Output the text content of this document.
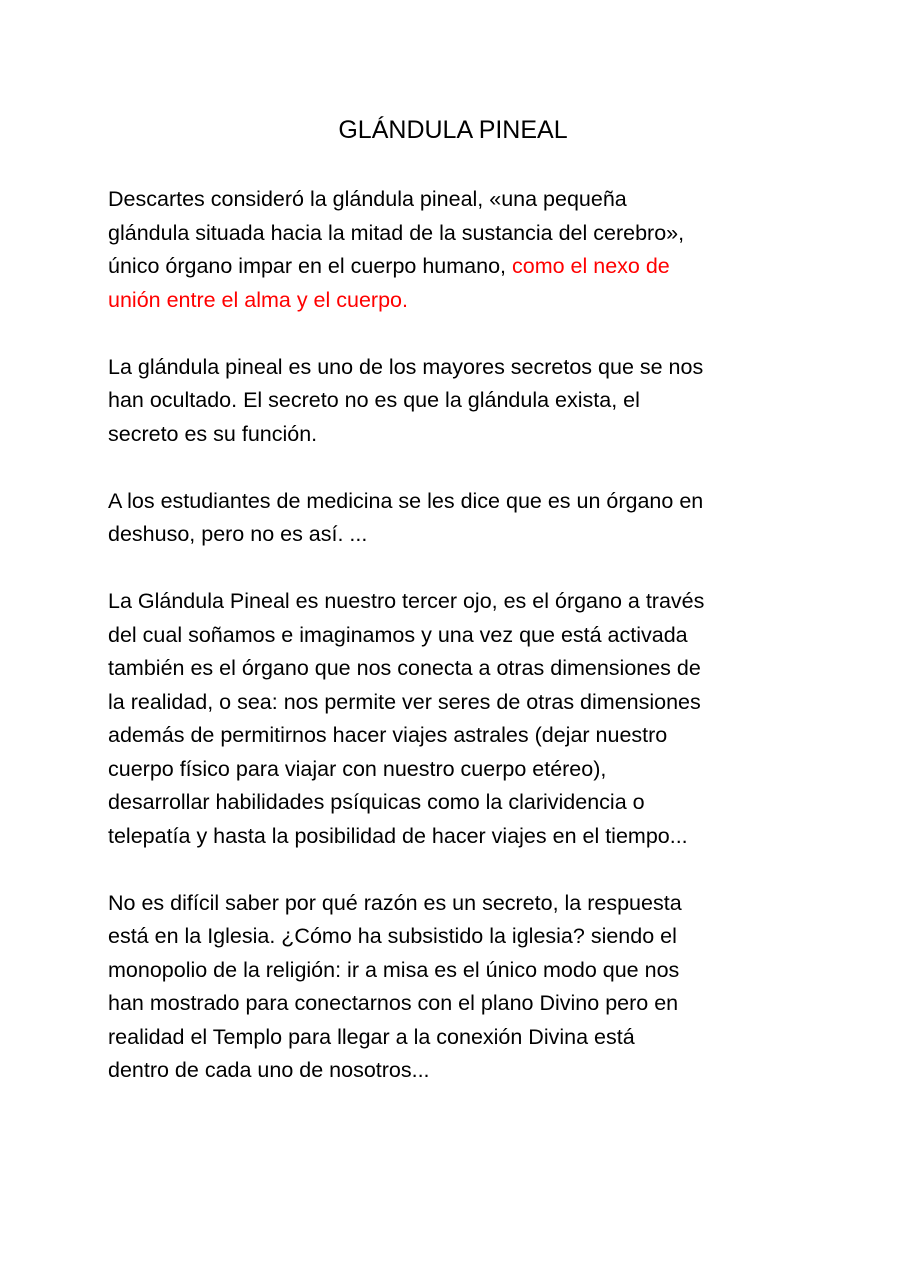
GLÁNDULA PINEAL

Descartes consideró la glándula pineal, «una pequeña
glándula situada hacia la mitad de la sustancia del cerebro»,
único órgano impar en el cuerpo humano, como el nexo de
unión entre el alma y el cuerpo.

La glándula pineal es uno de los mayores secretos que se nos
han ocultado. El secreto no es que la glándula exista, el
secreto es su función.

A los estudiantes de medicina se les dice que es un órgano en
deshuso, pero no es así. ...

La Glándula Pineal es nuestro tercer ojo, es el órgano a través
del cual soñamos e imaginamos y una vez que está activada
también es el órgano que nos conecta a otras dimensiones de
la realidad, o sea: nos permite ver seres de otras dimensiones
además de permitirnos hacer viajes astrales (dejar nuestro
cuerpo físico para viajar con nuestro cuerpo etéreo),
desarrollar habilidades psíquicas como la clarividencia o
telepatía y hasta la posibilidad de hacer viajes en el tiempo...

No es difícil saber por qué razón es un secreto, la respuesta
está en la Iglesia. ¿Cómo ha subsistido la iglesia? siendo el
monopolio de la religión: ir a misa es el único modo que nos
han mostrado para conectarnos con el plano Divino pero en
realidad el Templo para llegar a la conexión Divina está
dentro de cada uno de nosotros...
